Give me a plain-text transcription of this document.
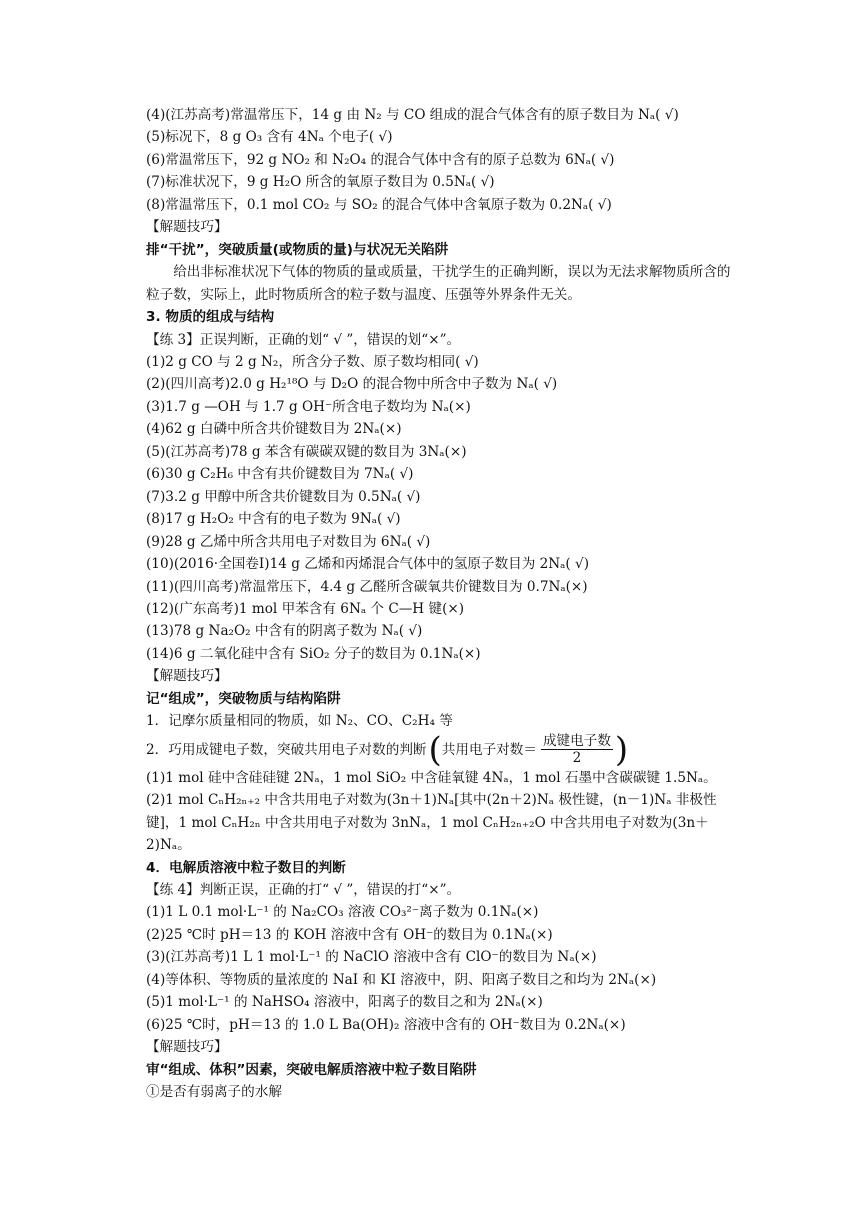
(4)(江苏高考)常温常压下，14 g 由 N₂ 与 CO 组成的混合气体含有的原子数目为 Nₐ( √)
(5)标况下，8 g O₃ 含有 4Nₐ 个电子( √)
(6)常温常压下，92 g NO₂ 和 N₂O₄ 的混合气体中含有的原子总数为 6Nₐ( √)
(7)标准状况下，9 g H₂O 所含的氧原子数目为 0.5Nₐ( √)
(8)常温常压下，0.1 mol CO₂ 与 SO₂ 的混合气体中含氧原子数为 0.2Nₐ( √)
【解题技巧】
排“干扰”，突破质量(或物质的量)与状况无关陷阱
给出非标准状况下气体的物质的量或质量，干扰学生的正确判断，误以为无法求解物质所含的粒子数，实际上，此时物质所含的粒子数与温度、压强等外界条件无关。
3. 物质的组成与结构
【练 3】正误判断，正确的划“ √ ”，错误的划“×”。
(1)2 g CO 与 2 g N₂，所含分子数、原子数均相同( √)
(2)(四川高考)2.0 g H₂¹⁸O 与 D₂O 的混合物中所含中子数为 Nₐ( √)
(3)1.7 g —OH 与 1.7 g OH⁻所含电子数均为 Nₐ(×)
(4)62 g 白磷中所含共价键数目为 2Nₐ(×)
(5)(江苏高考)78 g 苯含有碳碳双键的数目为 3Nₐ(×)
(6)30 g C₂H₆ 中含有共价键数目为 7Nₐ( √)
(7)3.2 g 甲醇中所含共价键数目为 0.5Nₐ( √)
(8)17 g H₂O₂ 中含有的电子数为 9Nₐ( √)
(9)28 g 乙烯中所含共用电子对数目为 6Nₐ( √)
(10)(2016·全国卷Ⅰ)14 g 乙烯和丙烯混合气体中的氢原子数目为 2Nₐ( √)
(11)(四川高考)常温常压下，4.4 g 乙醛所含碳氧共价键数目为 0.7Nₐ(×)
(12)(广东高考)1 mol 甲苯含有 6Nₐ 个 C—H 键(×)
(13)78 g Na₂O₂ 中含有的阴离子数为 Nₐ( √)
(14)6 g 二氧化硅中含有 SiO₂ 分子的数目为 0.1Nₐ(×)
【解题技巧】
记“组成”，突破物质与结构陷阱
1．记摩尔质量相同的物质，如 N₂、CO、C₂H₄ 等
2．巧用成键电子数，突破共用电子对数的判断 ( 共用电子对数＝ $\frac{\text{成键电子数}}{2}$ )
(1)1 mol 硅中含硅硅键 2Nₐ，1 mol SiO₂ 中含硅氧键 4Nₐ，1 mol 石墨中含碳碳键 1.5Nₐ。
(2)1 mol CₙH₂ₙ₊₂ 中含共用电子对数为(3n＋1)Nₐ[其中(2n＋2)Nₐ 极性键，(n－1)Nₐ 非极性键]，1 mol CₙH₂ₙ 中含共用电子对数为 3nNₐ，1 mol CₙH₂ₙ₊₂O 中含共用电子对数为(3n＋2)Nₐ。
4．电解质溶液中粒子数目的判断
【练 4】判断正误，正确的打“ √ ”，错误的打“×”。
(1)1 L 0.1 mol·L⁻¹ 的 Na₂CO₃ 溶液 CO₃²⁻离子数为 0.1Nₐ(×)
(2)25 ℃时 pH＝13 的 KOH 溶液中含有 OH⁻的数目为 0.1Nₐ(×)
(3)(江苏高考)1 L 1 mol·L⁻¹ 的 NaClO 溶液中含有 ClO⁻的数目为 Nₐ(×)
(4)等体积、等物质的量浓度的 NaI 和 KI 溶液中，阴、阳离子数目之和均为 2Nₐ(×)
(5)1 mol·L⁻¹ 的 NaHSO₄ 溶液中，阳离子的数目之和为 2Nₐ(×)
(6)25 ℃时，pH＝13 的 1.0 L Ba(OH)₂ 溶液中含有的 OH⁻数目为 0.2Nₐ(×)
【解题技巧】
审“组成、体积”因素，突破电解质溶液中粒子数目陷阱
①是否有弱离子的水解
